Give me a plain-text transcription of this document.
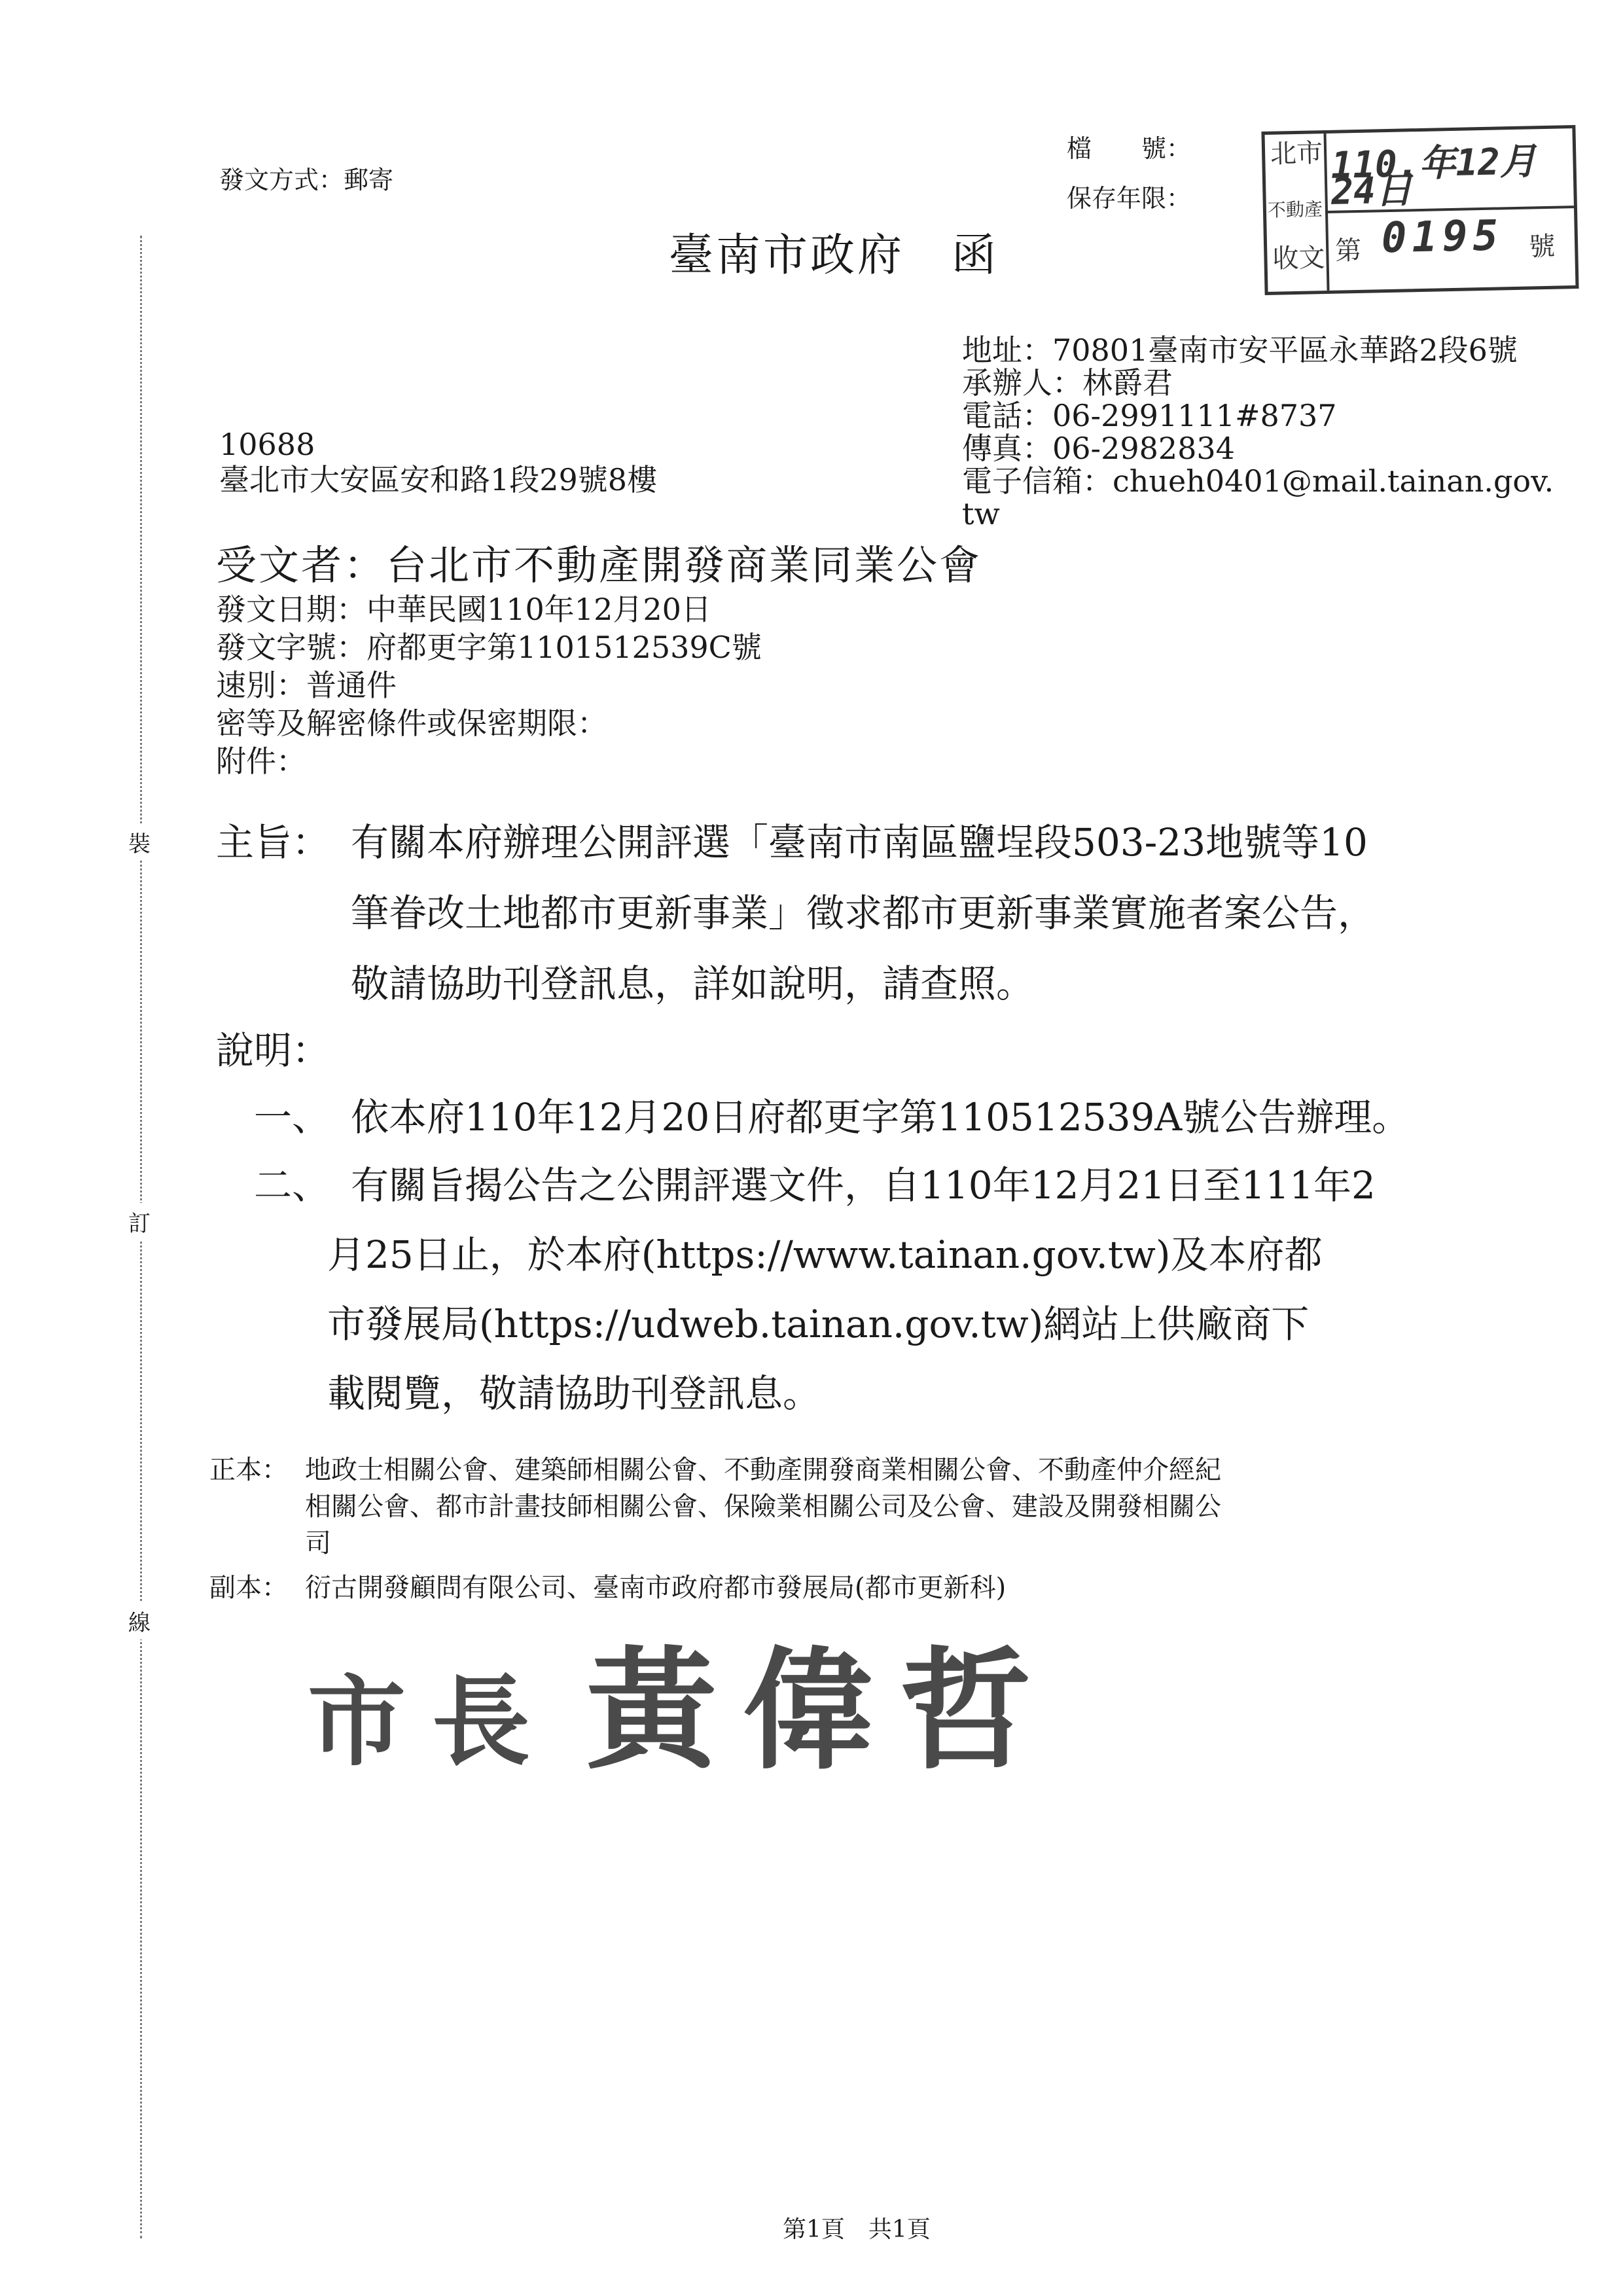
裝
訂
線
發文方式：郵寄
檔　　號：
保存年限：
臺南市政府　函
北市
不動產
收文
110.年12月24日
第 0195 號
地址：70801臺南市安平區永華路2段6號
承辦人：林爵君
電話：06-2991111#8737
傳真：06-2982834
電子信箱：chueh0401@mail.tainan.gov.
tw
10688
臺北市大安區安和路1段29號8樓
受文者：台北市不動產開發商業同業公會
發文日期：中華民國110年12月20日
發文字號：府都更字第1101512539C號
速別：普通件
密等及解密條件或保密期限：
附件：
主旨： 有關本府辦理公開評選「臺南市南區鹽埕段503-23地號等10
筆眷改土地都市更新事業」徵求都市更新事業實施者案公告，
敬請協助刊登訊息，詳如說明，請查照。
說明：
一、 依本府110年12月20日府都更字第110512539A號公告辦理。
二、 有關旨揭公告之公開評選文件，自110年12月21日至111年2
月25日止，於本府(https://www.tainan.gov.tw)及本府都
市發展局(https://udweb.tainan.gov.tw)網站上供廠商下
載閱覽，敬請協助刊登訊息。
正本： 地政士相關公會、建築師相關公會、不動產開發商業相關公會、不動產仲介經紀
相關公會、都市計畫技師相關公會、保險業相關公司及公會、建設及開發相關公
司
副本： 衍古開發顧問有限公司、臺南市政府都市發展局(都市更新科)
市長 黃偉哲
第1頁　共1頁
